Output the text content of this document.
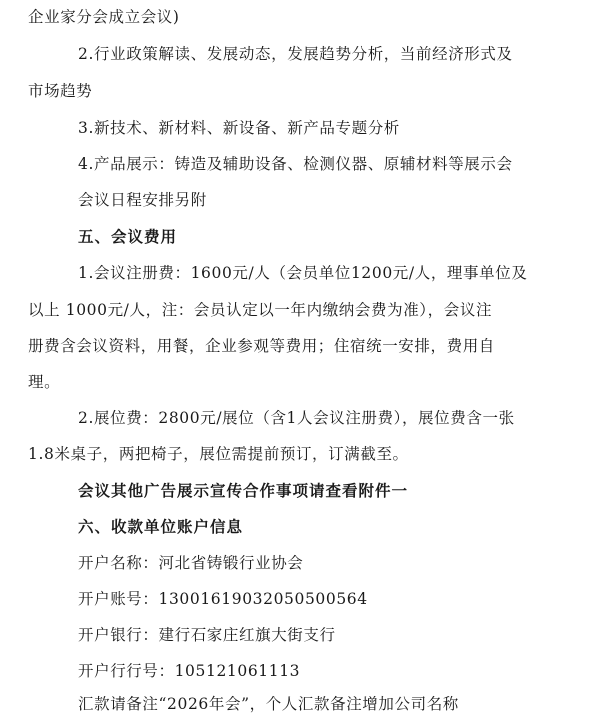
企业家分会成立会议)
2.行业政策解读、发展动态，发展趋势分析，当前经济形式及
市场趋势
3.新技术、新材料、新设备、新产品专题分析
4.产品展示：铸造及辅助设备、检测仪器、原辅材料等展示会
会议日程安排另附
五、会议费用
1.会议注册费：1600元/人（会员单位1200元/人，理事单位及
以上 1000元/人，注：会员认定以一年内缴纳会费为准），会议注
册费含会议资料，用餐，企业参观等费用；住宿统一安排，费用自
理。
2.展位费：2800元/展位（含1人会议注册费），展位费含一张
1.8米桌子，两把椅子，展位需提前预订，订满截至。
会议其他广告展示宣传合作事项请查看附件一
六、收款单位账户信息
开户名称：河北省铸锻行业协会
开户账号：13001619032050500564
开户银行：建行石家庄红旗大街支行
开户行行号：105121061113
汇款请备注“2026年会”，个人汇款备注增加公司名称
